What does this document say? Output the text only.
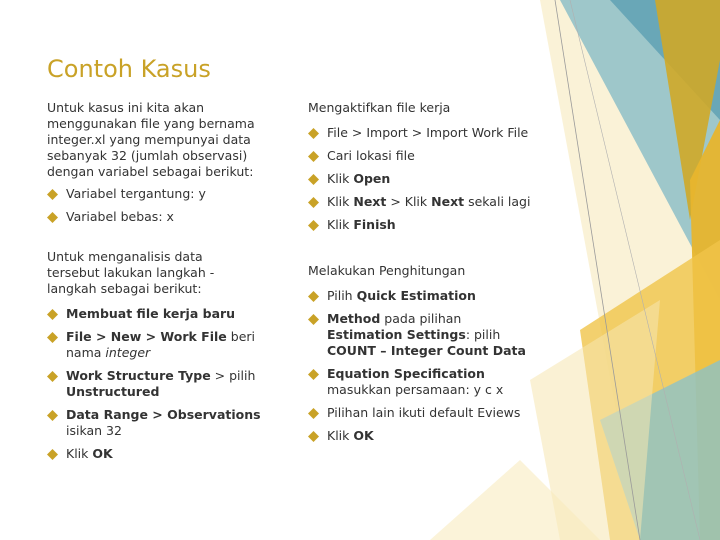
Contoh Kasus

Untuk kasus ini kita akan menggunakan file yang bernama integer.xl yang mempunyai data sebanyak 32 (jumlah observasi) dengan variabel sebagai berikut:

Variabel tergantung: y
Variabel bebas: x

Untuk menganalisis data tersebut lakukan langkah - langkah sebagai berikut:

Membuat file kerja baru
File > New > Work File beri nama integer
Work Structure Type > pilih Unstructured
Data Range > Observations isikan 32
Klik OK

Mengaktifkan file kerja

File > Import > Import Work File
Cari lokasi file
Klik Open
Klik Next > Klik Next sekali lagi
Klik Finish

Melakukan Penghitungan

Pilih Quick Estimation
Method pada pilihan Estimation Settings: pilih COUNT – Integer Count Data
Equation Specification masukkan persamaan: y c x
Pilihan lain ikuti default Eviews
Klik OK
